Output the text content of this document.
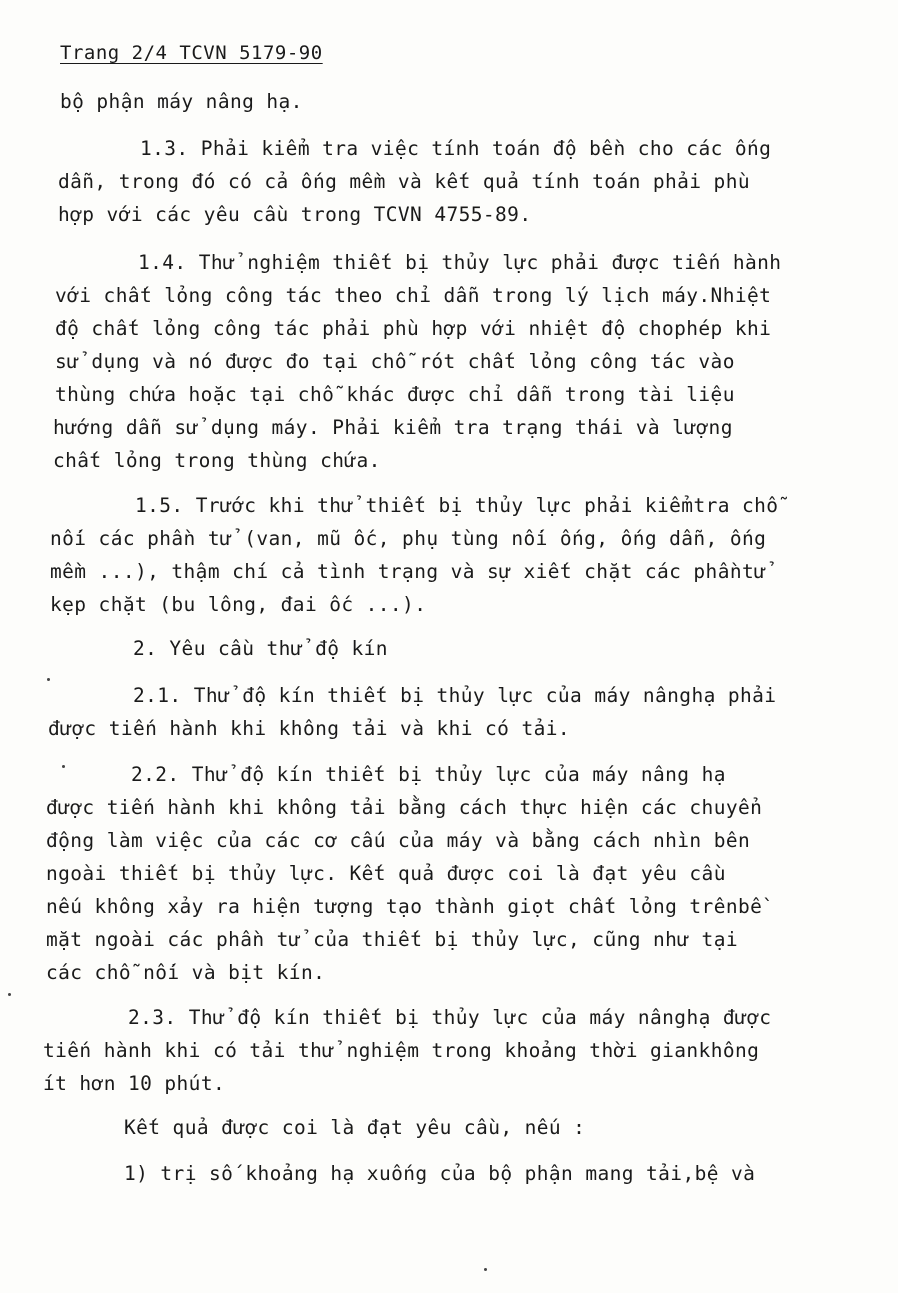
Trang 2/4 TCVN 5179-90
bộ phận máy nâng hạ.
1.3. Phải kiểm tra việc tính toán độ bền cho các ống
dẫn, trong đó có cả ống mềm và kết quả tính toán phải phù
hợp với các yêu cầu trong TCVN 4755-89.
1.4. Thử nghiệm thiết bị thủy lực phải được tiến hành
với chất lỏng công tác theo chỉ dẫn trong lý lịch máy.Nhiệt
độ chất lỏng công tác phải phù hợp với nhiệt độ chophép khi
sử dụng và nó được đo tại chỗ rót chất lỏng công tác vào
thùng chứa hoặc tại chỗ khác được chỉ dẫn trong tài liệu
hướng dẫn sử dụng máy. Phải kiểm tra trạng thái và lượng
chất lỏng trong thùng chứa.
1.5. Trước khi thử thiết bị thủy lực phải kiểmtra chỗ
nối các phần tử (van, mũ ốc, phụ tùng nối ống, ống dẫn, ống
mềm ...), thậm chí cả tình trạng và sự xiết chặt các phầntử
kẹp chặt (bu lông, đai ốc ...).
2. Yêu cầu thử độ kín
2.1. Thử độ kín thiết bị thủy lực của máy nânghạ phải
được tiến hành khi không tải và khi có tải.
2.2. Thử độ kín thiết bị thủy lực của máy nâng hạ
được tiến hành khi không tải bằng cách thực hiện các chuyển
động làm việc của các cơ cấu của máy và bằng cách nhìn bên
ngoài thiết bị thủy lực. Kết quả được coi là đạt yêu cầu
nếu không xảy ra hiện tượng tạo thành giọt chất lỏng trênbề
mặt ngoài các phần tử của thiết bị thủy lực, cũng như tại
các chỗ nối và bịt kín.
2.3. Thử độ kín thiết bị thủy lực của máy nânghạ được
tiến hành khi có tải thử nghiệm trong khoảng thời giankhông
ít hơn 10 phút.
Kết quả được coi là đạt yêu cầu, nếu :
1) trị số khoảng hạ xuống của bộ phận mang tải,bệ và
